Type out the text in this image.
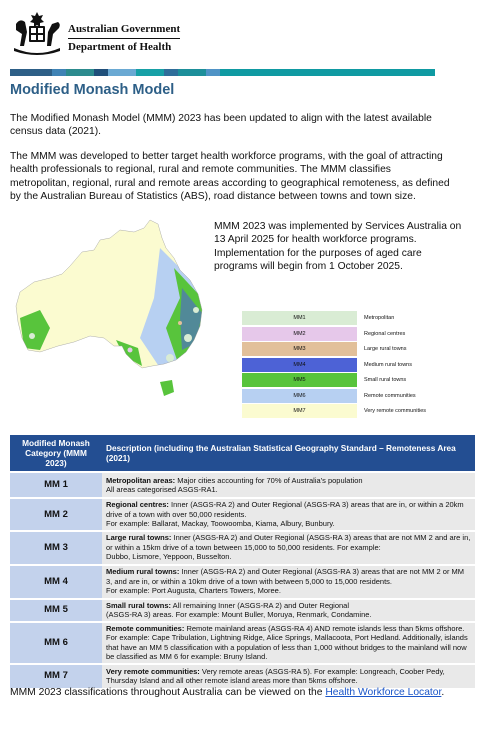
Australian Government
Department of Health
Modified Monash Model

The Modified Monash Model (MMM) 2023 has been updated to align with the latest available census data (2021).

The MMM was developed to better target health workforce programs, with the goal of attracting health professionals to regional, rural and remote communities. The MMM classifies metropolitan, regional, rural and remote areas according to geographical remoteness, as defined by the Australian Bureau of Statistics (ABS), road distance between towns and town size.

MMM 2023 was implemented by Services Australia on 13 April 2025 for health workforce programs. Implementation for the purposes of aged care programs will begin from 1 October 2025.

MM1	Metropolitan
MM2	Regional centres
MM3	Large rural towns
MM4	Medium rural towns
MM5	Small rural towns
MM6	Remote communities
MM7	Very remote communities
Modified Monash Category (MMM 2023)	Description (including the Australian Statistical Geography Standard – Remoteness Area (2021)
MM 1	Metropolitan areas: Major cities accounting for 70% of Australia's population
All areas categorised ASGS-RA1.
MM 2	Regional centres: Inner (ASGS-RA 2) and Outer Regional (ASGS-RA 3) areas that are in, or within a 20km drive of a town with over 50,000 residents.
For example: Ballarat, Mackay, Toowoomba, Kiama, Albury, Bunbury.
MM 3	Large rural towns: Inner (ASGS-RA 2) and Outer Regional (ASGS-RA 3) areas that are not MM 2 and are in, or within a 15km drive of a town between 15,000 to 50,000 residents. For example:
Dubbo, Lismore, Yeppoon, Busselton.
MM 4	Medium rural towns: Inner (ASGS-RA 2) and Outer Regional (ASGS-RA 3) areas that are not MM 2 or MM 3, and are in, or within a 10km drive of a town with between 5,000 to 15,000 residents.
For example: Port Augusta, Charters Towers, Moree.
MM 5	Small rural towns: All remaining Inner (ASGS-RA 2) and Outer Regional
(ASGS-RA 3) areas. For example: Mount Buller, Moruya, Renmark, Condamine.
MM 6	Remote communities: Remote mainland areas (ASGS-RA 4) AND remote islands less than 5kms offshore. For example: Cape Tribulation, Lightning Ridge, Alice Springs, Mallacoota, Port Hedland. Additionally, islands that have an MM 5 classification with a population of less than 1,000 without bridges to the mainland will now be classified as MM 6 for example: Bruny Island.
MM 7	Very remote communities: Very remote areas (ASGS-RA 5). For example: Longreach, Coober Pedy, Thursday Island and all other remote island areas more than 5kms offshore.

MMM 2023 classifications throughout Australia can be viewed on the Health Workforce Locator.
